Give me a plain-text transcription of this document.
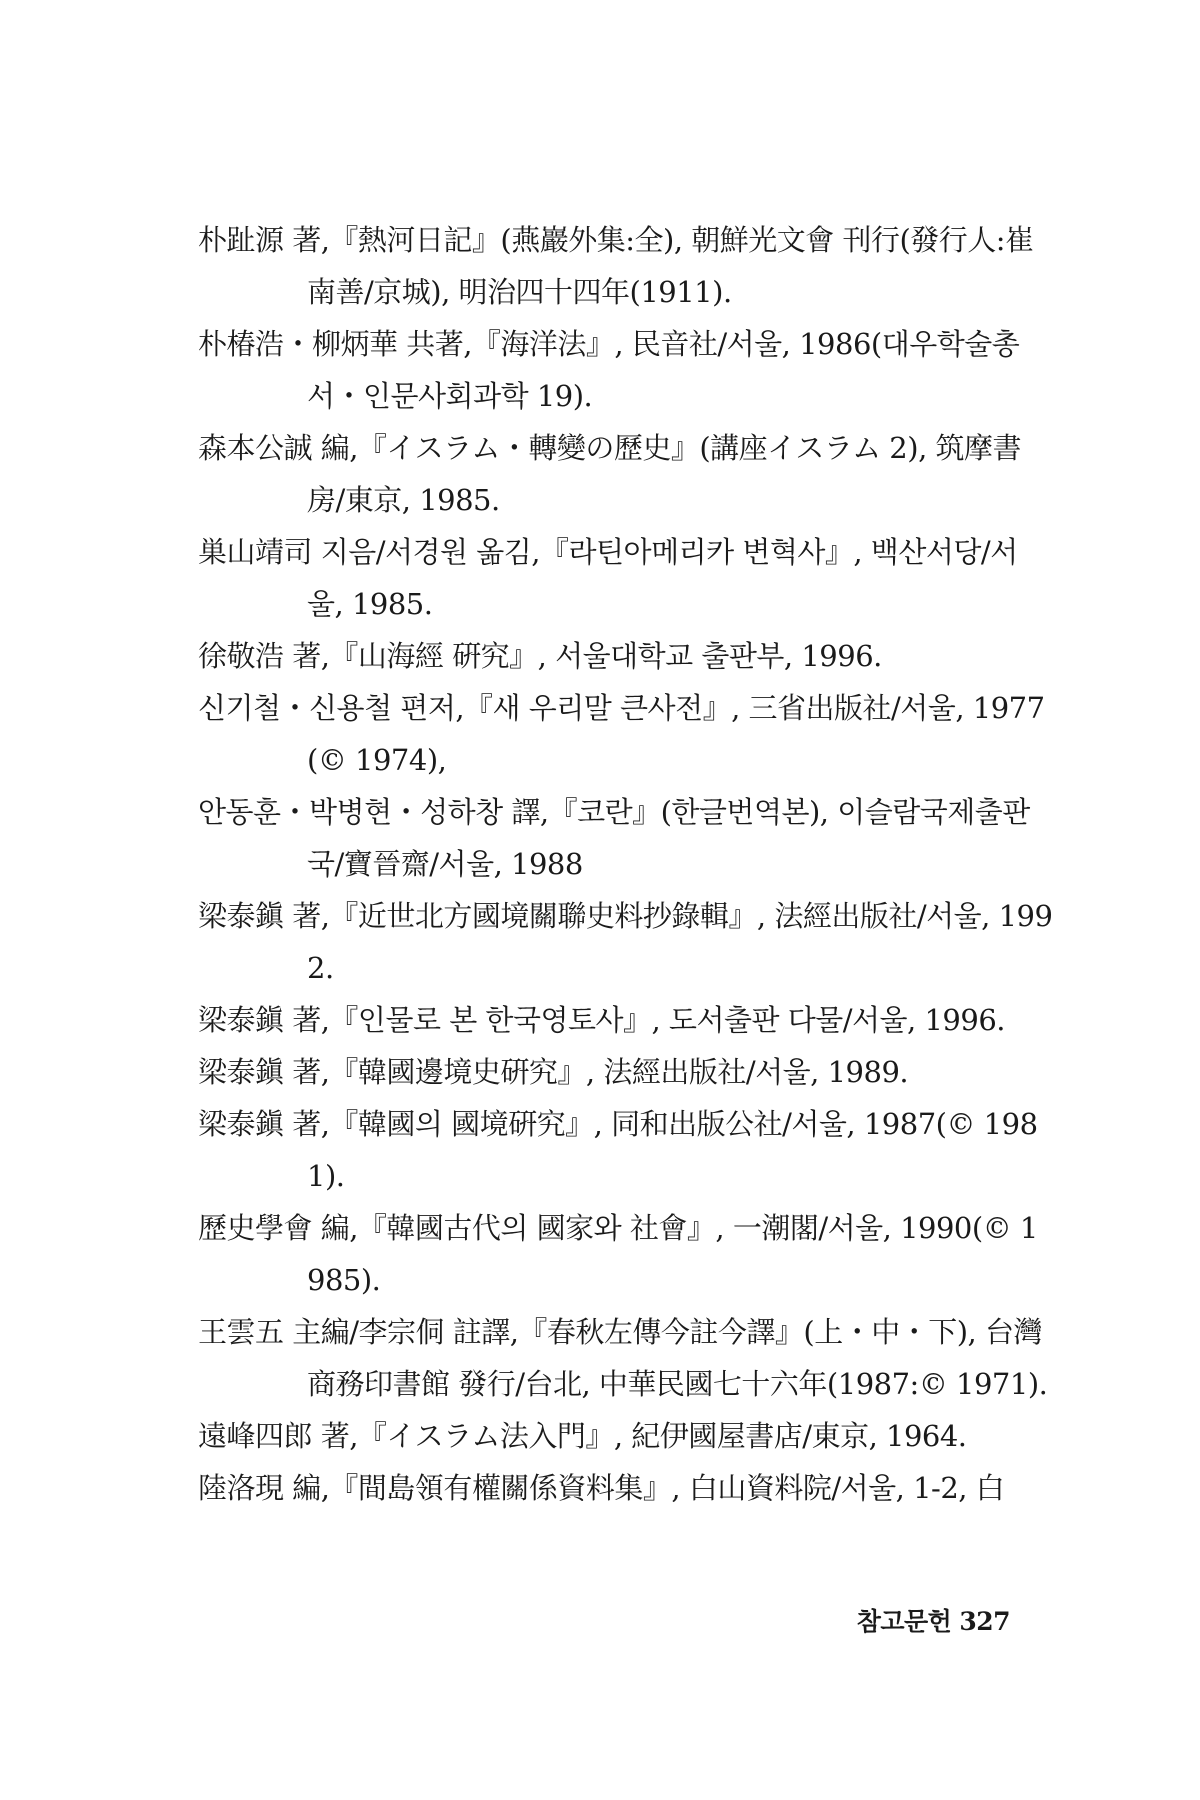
朴趾源 著,『熱河日記』(燕巖外集:全), 朝鮮光文會 刊行(發行人:崔南善/京城), 明治四十四年(1911).

朴椿浩・柳炳華 共著,『海洋法』, 民音社/서울, 1986(대우학술총서・인문사회과학 19).

森本公誠 編,『イスラム・轉變の歷史』(講座イスラム 2), 筑摩書房/東京, 1985.

巣山靖司 지음/서경원 옮김,『라틴아메리카 변혁사』, 백산서당/서울, 1985.

徐敬浩 著,『山海經 硏究』, 서울대학교 출판부, 1996.

신기철・신용철 편저,『새 우리말 큰사전』, 三省出版社/서울, 1977(© 1974),

안동훈・박병현・성하창 譯,『코란』(한글번역본), 이슬람국제출판국/寶晉齋/서울, 1988

梁泰鎭 著,『近世北方國境關聯史料抄錄輯』, 法經出版社/서울, 1992.

梁泰鎭 著,『인물로 본 한국영토사』, 도서출판 다물/서울, 1996.

梁泰鎭 著,『韓國邊境史硏究』, 法經出版社/서울, 1989.

梁泰鎭 著,『韓國의 國境硏究』, 同和出版公社/서울, 1987(© 1981).

歷史學會 編,『韓國古代의 國家와 社會』, 一潮閣/서울, 1990(© 1985).

王雲五 主編/李宗侗 註譯,『春秋左傳今註今譯』(上・中・下), 台灣商務印書館 發行/台北, 中華民國七十六年(1987:© 1971).

遠峰四郎 著,『イスラム法入門』, 紀伊國屋書店/東京, 1964.

陸洛現 編,『間島領有權關係資料集』, 白山資料院/서울, 1-2, 白

참고문헌 327
